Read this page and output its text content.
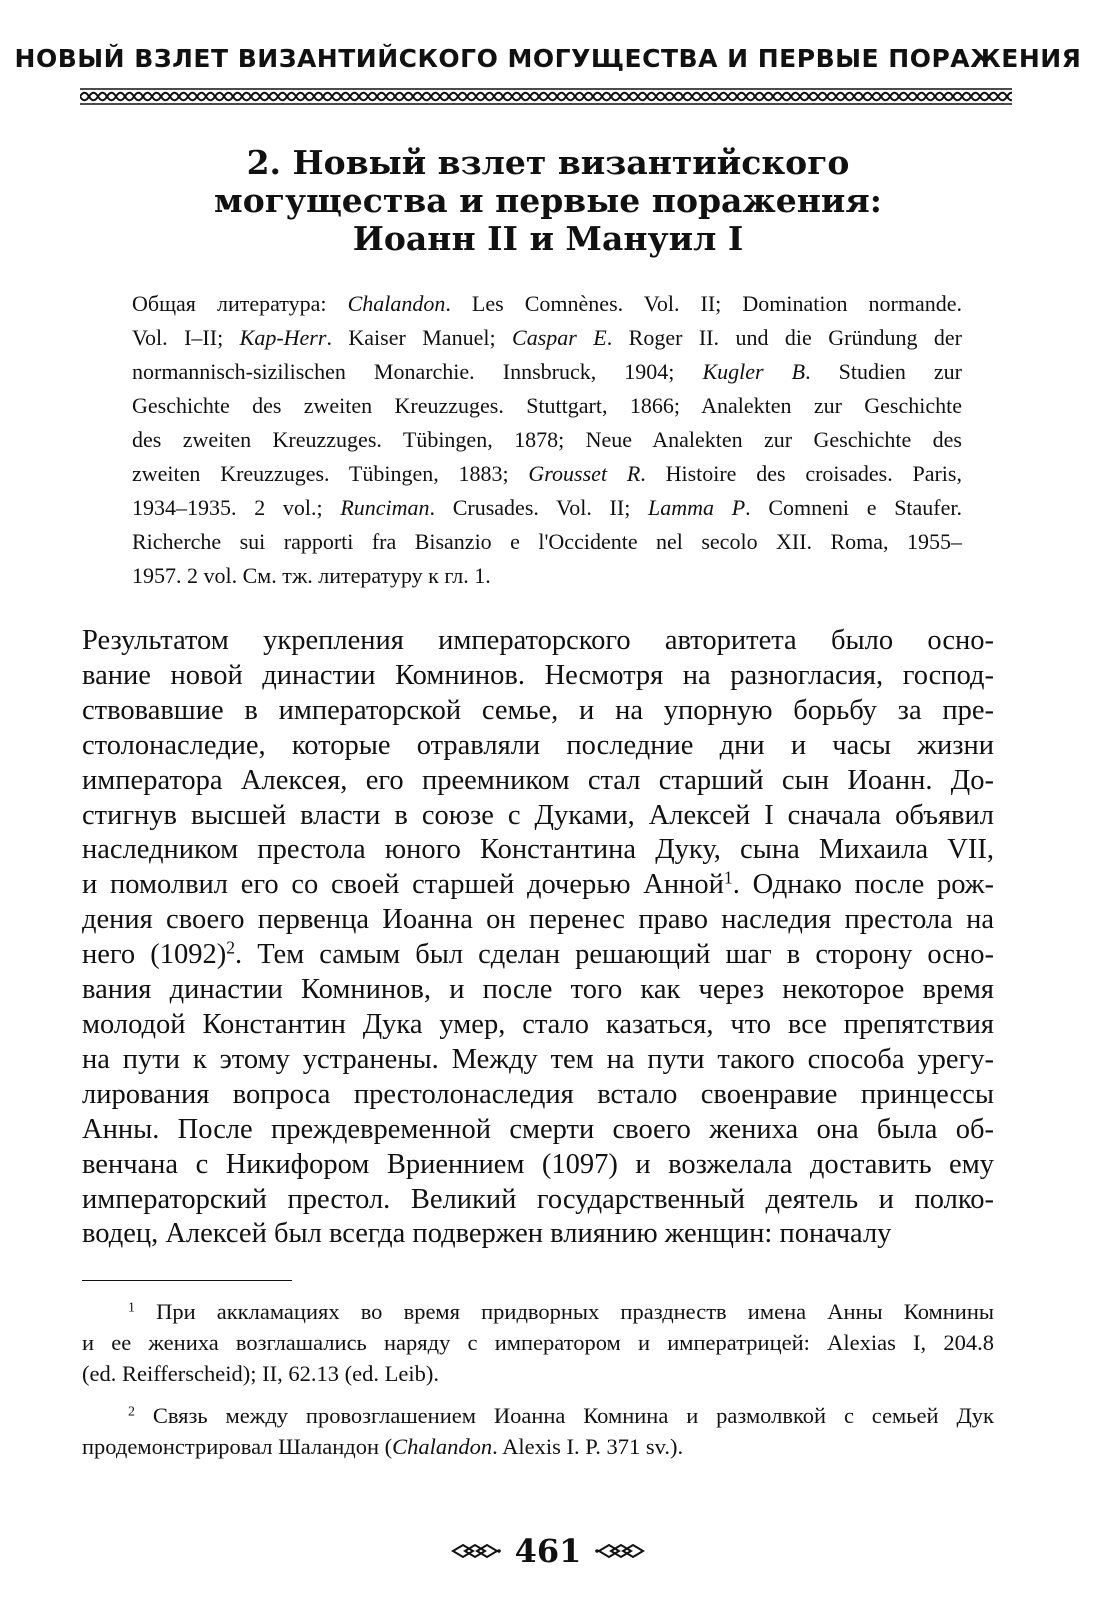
НОВЫЙ ВЗЛЕТ ВИЗАНТИЙСКОГО МОГУЩЕСТВА И ПЕРВЫЕ ПОРАЖЕНИЯ
2. Новый взлет византийского
могущества и первые поражения:
Иоанн II и Мануил I
Общая литература: Chalandon. Les Comnènes. Vol. II; Domination normande.
Vol. I–II; Kap-Herr. Kaiser Manuel; Caspar E. Roger II. und die Gründung der
normannisch-sizilischen Monarchie. Innsbruck, 1904; Kugler B. Studien zur
Geschichte des zweiten Kreuzzuges. Stuttgart, 1866; Analekten zur Geschichte
des zweiten Kreuzzuges. Tübingen, 1878; Neue Analekten zur Geschichte des
zweiten Kreuzzuges. Tübingen, 1883; Grousset R. Histoire des croisades. Paris,
1934–1935. 2 vol.; Runciman. Crusades. Vol. II; Lamma P. Comneni e Staufer.
Richerche sui rapporti fra Bisanzio e l'Occidente nel secolo XII. Roma, 1955–
1957. 2 vol. См. тж. литературу к гл. 1.
Результатом укрепления императорского авторитета было осно-
вание новой династии Комнинов. Несмотря на разногласия, господ-
ствовавшие в императорской семье, и на упорную борьбу за пре-
столонаследие, которые отравляли последние дни и часы жизни
императора Алексея, его преемником стал старший сын Иоанн. До-
стигнув высшей власти в союзе с Дуками, Алексей I сначала объявил
наследником престола юного Константина Дуку, сына Михаила VII,
и помолвил его со своей старшей дочерью Анной$^1$. Однако после рож-
дения своего первенца Иоанна он перенес право наследия престола на
него $(1092)^2$. Тем самым был сделан решающий шаг в сторону осно-
вания династии Комнинов, и после того как через некоторое время
молодой Константин Дука умер, стало казаться, что все препятствия
на пути к этому устранены. Между тем на пути такого способа урегу-
лирования вопроса престолонаследия встало своенравие принцессы
Анны. После преждевременной смерти своего жениха она была об-
венчана с Никифором Вриеннием (1097) и возжелала доставить ему
императорский престол. Великий государственный деятель и полко-
водец, Алексей был всегда подвержен влиянию женщин: поначалу
$^1$ При аккламациях во время придворных празднеств имена Анны Комнины
и ее жениха возглашались наряду с императором и императрицей: Alexias I, 204.8
(ed. Reifferscheid); II, 62.13 (ed. Leib).
$^2$ Связь между провозглашением Иоанна Комнина и размолвкой с семьей Дук
продемонстрировал Шаландон (Chalandon. Alexis I. P. 371 sv.).
461
